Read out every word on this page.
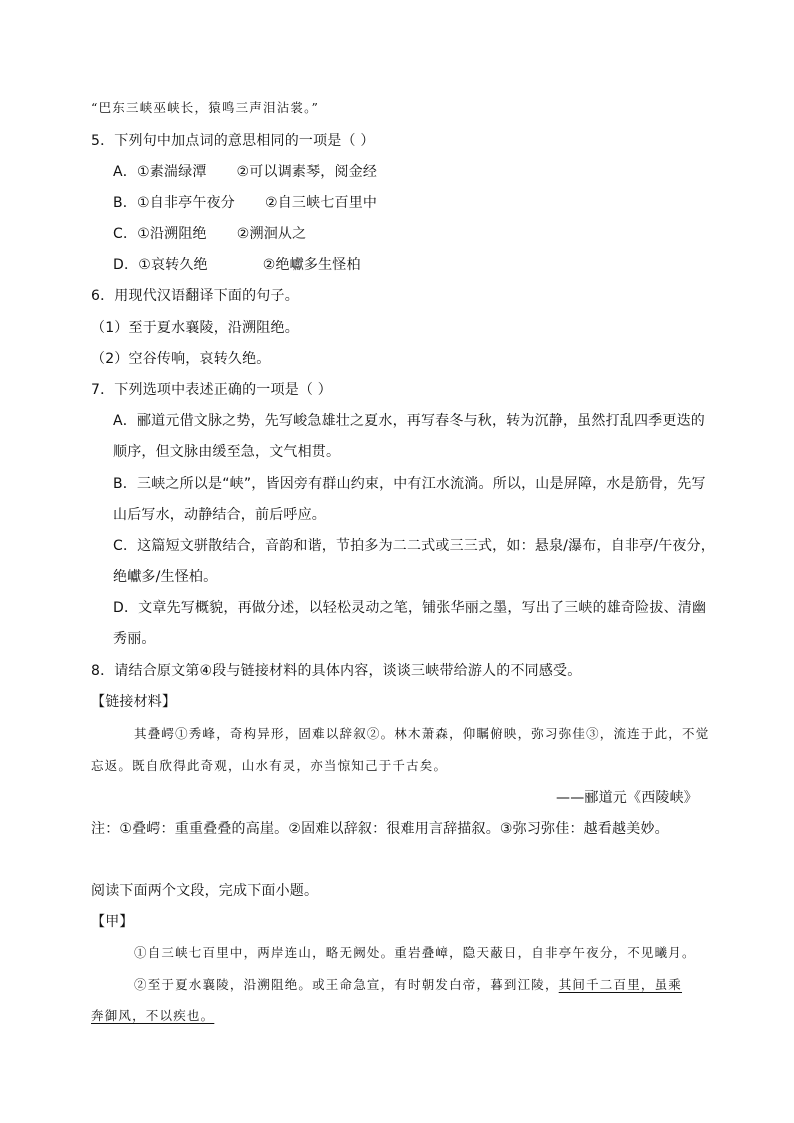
“巴东三峡巫峡长，猿鸣三声泪沾裳。”
5．下列句中加点词的意思相同的一项是（ ）
A．①素湍绿潭 ②可以调素琴，阅金经
B．①自非亭午夜分 ②自三峡七百里中
C．①沿溯阻绝 ②溯洄从之
D．①哀转久绝	②绝巘多生怪柏
6．用现代汉语翻译下面的句子。
（1）至于夏水襄陵，沿溯阻绝。
（2）空谷传响，哀转久绝。
7．下列选项中表述正确的一项是（ ）
A．郦道元借文脉之势，先写峻急雄壮之夏水，再写春冬与秋，转为沉静，虽然打乱四季更迭的
顺序，但文脉由缓至急，文气相贯。
B．三峡之所以是“峡”，皆因旁有群山约束，中有江水流淌。所以，山是屏障，水是筋骨，先写
山后写水，动静结合，前后呼应。
C．这篇短文骈散结合，音韵和谐，节拍多为二二式或三三式，如：悬泉/瀑布，自非亭/午夜分，
绝巘多/生怪柏。
D．文章先写概貌，再做分述，以轻松灵动之笔，铺张华丽之墨，写出了三峡的雄奇险拔、清幽
秀丽。
8．请结合原文第④段与链接材料的具体内容，谈谈三峡带给游人的不同感受。
【链接材料】
其叠崿①秀峰，奇构异形，固难以辞叙②。林木萧森，仰瞩俯映，弥习弥佳③，流连于此，不觉
忘返。既自欣得此奇观，山水有灵，亦当惊知己于千古矣。
——郦道元《西陵峡》
注：①叠崿：重重叠叠的高崖。②固难以辞叙：很难用言辞描叙。③弥习弥佳：越看越美妙。
阅读下面两个文段，完成下面小题。
【甲】
①自三峡七百里中，两岸连山，略无阙处。重岩叠嶂，隐天蔽日，自非亭午夜分，不见曦月。
②至于夏水襄陵，沿溯阻绝。或王命急宣，有时朝发白帝，暮到江陵，其间千二百里，虽乘
奔御风，不以疾也。
